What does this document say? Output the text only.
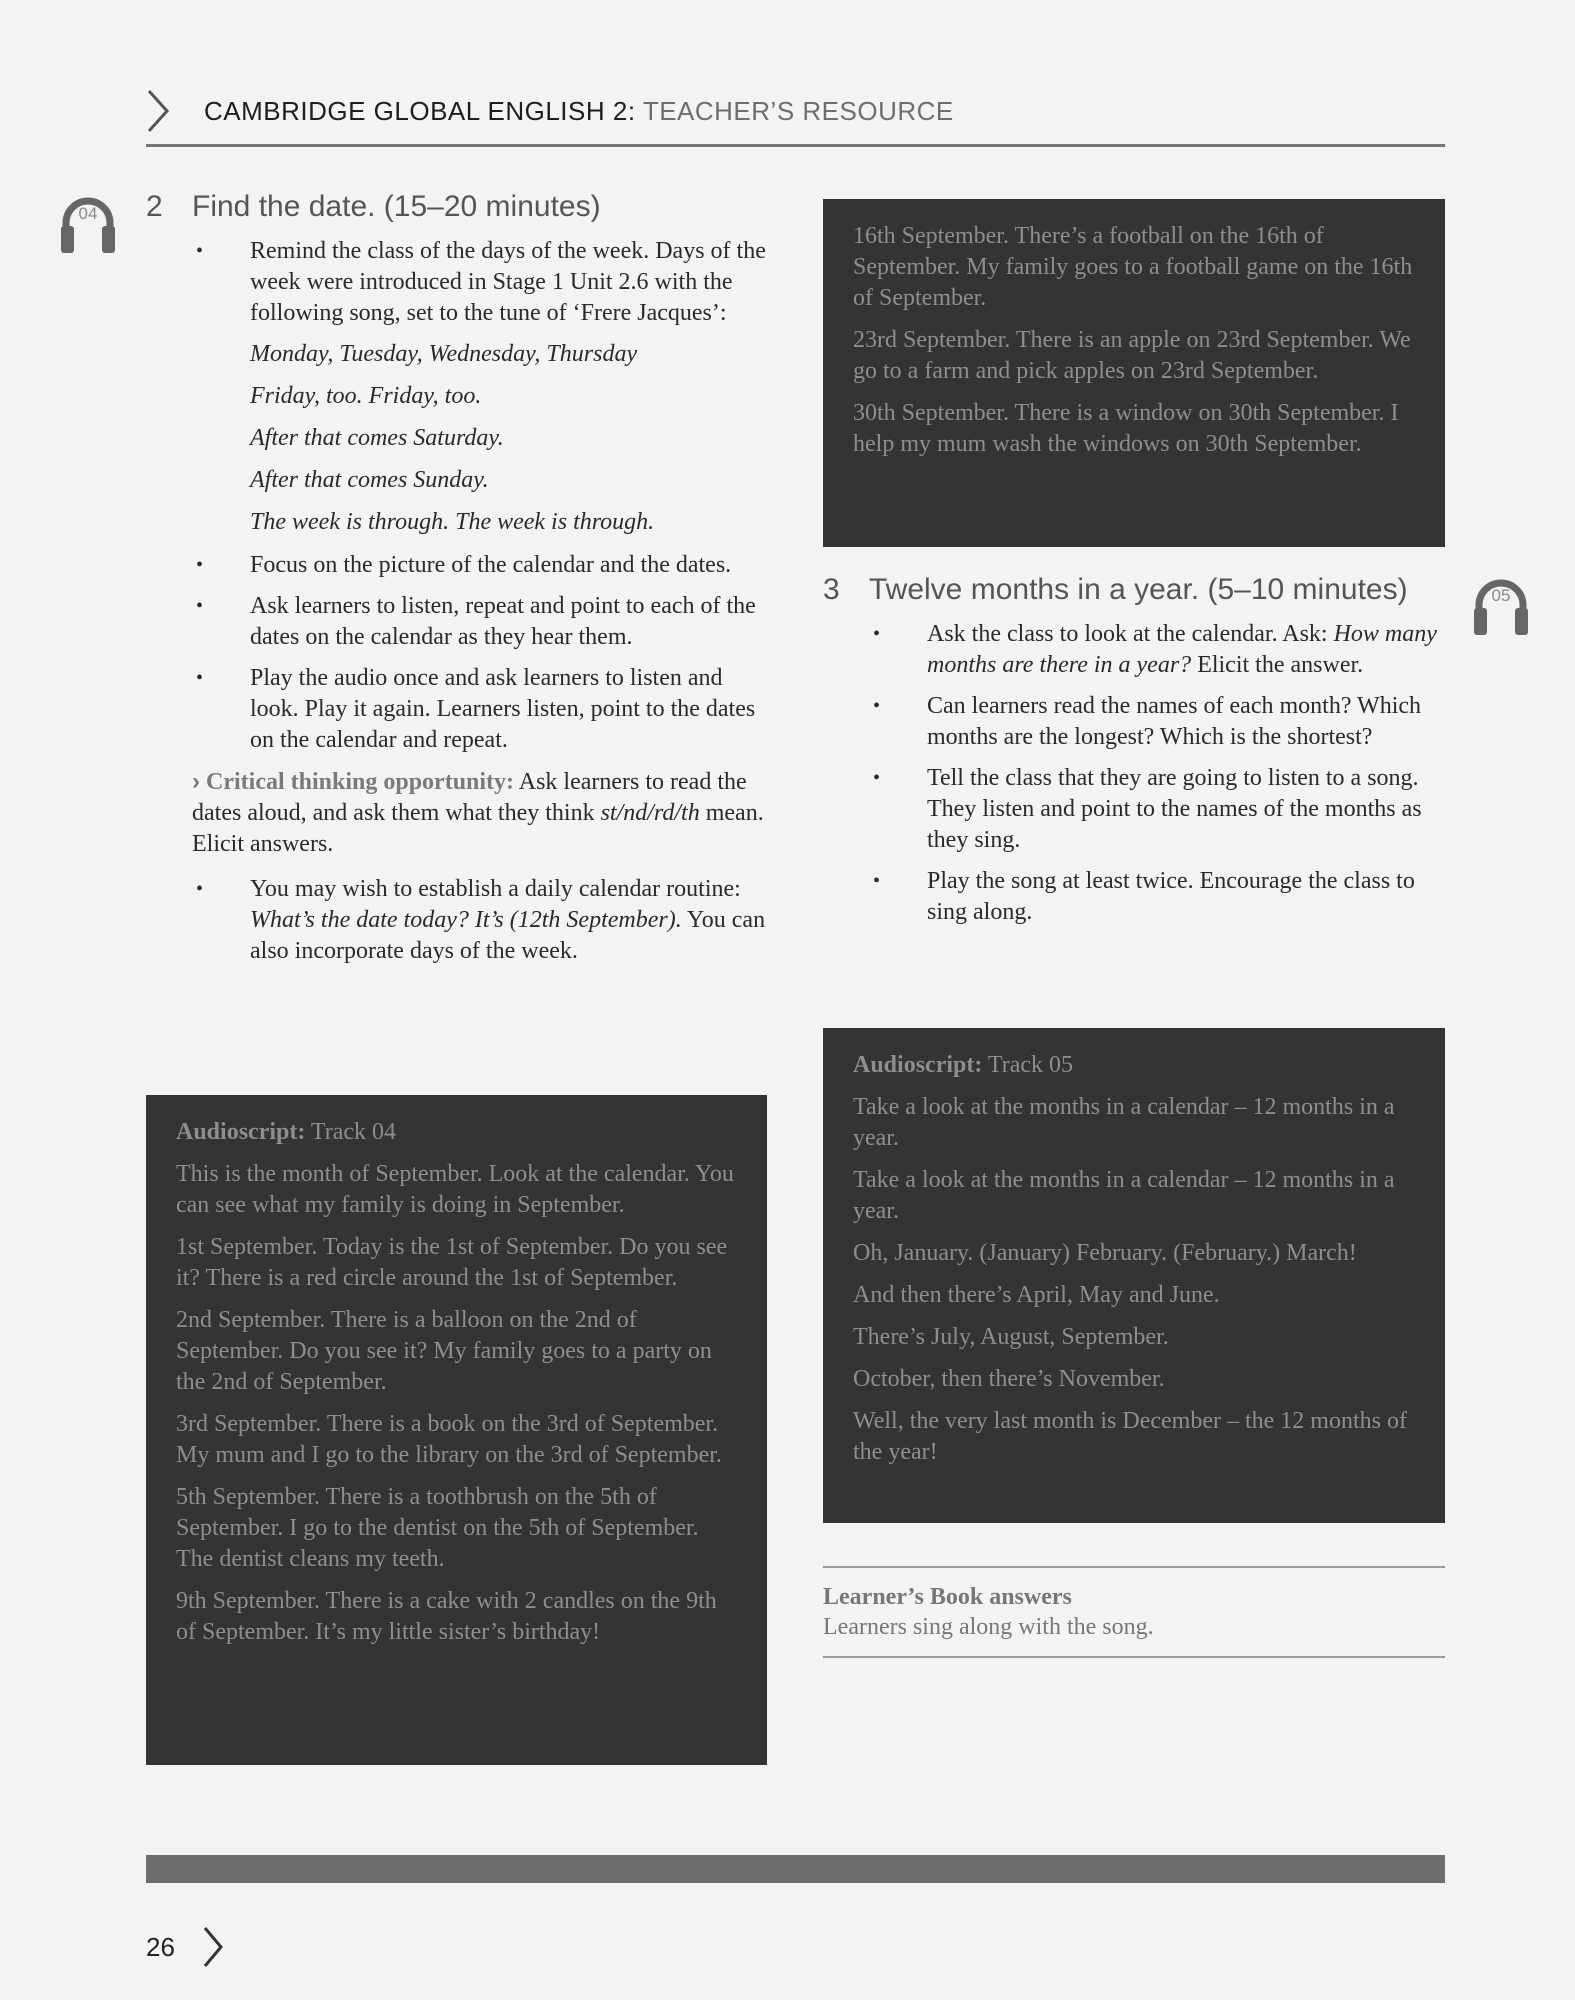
CAMBRIDGE GLOBAL ENGLISH 2: TEACHER’S RESOURCE
04	2 Find the date. (15–20 minutes)
• Remind the class of the days of the week. Days of the week were introduced in Stage 1 Unit 2.6 with the following song, set to the tune of ‘Frere Jacques’:

Monday, Tuesday, Wednesday, Thursday

Friday, too. Friday, too.

After that comes Saturday.

After that comes Sunday.

The week is through. The week is through.

• Focus on the picture of the calendar and the dates.
• Ask learners to listen, repeat and point to each of the dates on the calendar as they hear them.
• Play the audio once and ask learners to listen and look. Play it again. Learners listen, point to the dates on the calendar and repeat.
› Critical thinking opportunity: Ask learners to read the dates aloud, and ask them what they think st/nd/rd/th mean. Elicit answers.
• You may wish to establish a daily calendar routine: What’s the date today? It’s (12th September). You can also incorporate days of the week.

Audioscript: Track 04

This is the month of September. Look at the calendar. You can see what my family is doing in September.

1st September. Today is the 1st of September. Do you see it? There is a red circle around the 1st of September.

2nd September. There is a balloon on the 2nd of September. Do you see it? My family goes to a party on the 2nd of September.

3rd September. There is a book on the 3rd of September. My mum and I go to the library on the 3rd of September.

5th September. There is a toothbrush on the 5th of September. I go to the dentist on the 5th of September. The dentist cleans my teeth.

9th September. There is a cake with 2 candles on the 9th of September. It’s my little sister’s birthday!

16th September. There’s a football on the 16th of September. My family goes to a football game on the 16th of September.

23rd September. There is an apple on 23rd September. We go to a farm and pick apples on 23rd September.

30th September. There is a window on 30th September. I help my mum wash the windows on 30th September.

05
3 Twelve months in a year. (5–10 minutes)
• Ask the class to look at the calendar. Ask: How many months are there in a year? Elicit the answer.
• Can learners read the names of each month? Which months are the longest? Which is the shortest?
• Tell the class that they are going to listen to a song. They listen and point to the names of the months as they sing.
• Play the song at least twice. Encourage the class to sing along.

Audioscript: Track 05

Take a look at the months in a calendar – 12 months in a year.

Take a look at the months in a calendar – 12 months in a year.

Oh, January. (January) February. (February.) March!

And then there’s April, May and June.

There’s July, August, September.

October, then there’s November.

Well, the very last month is December – the 12 months of the year!

Learner’s Book answers
Learners sing along with the song.
26
